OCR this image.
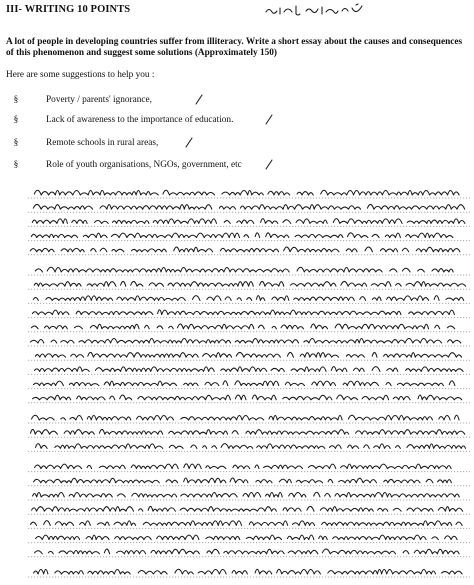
III- WRITING 10 POINTS
A lot of people in developing countries suffer from illiteracy. Write a short essay about the causes and consequences of this phenomenon and suggest some solutions (Approximately 150)
Here are some suggestions to help you :
§	Poverty / parents' ignorance,
§	Lack of awareness to the importance of education.
§	Remote schools in rural areas,
§	Role of youth organisations, NGOs, government, etc
